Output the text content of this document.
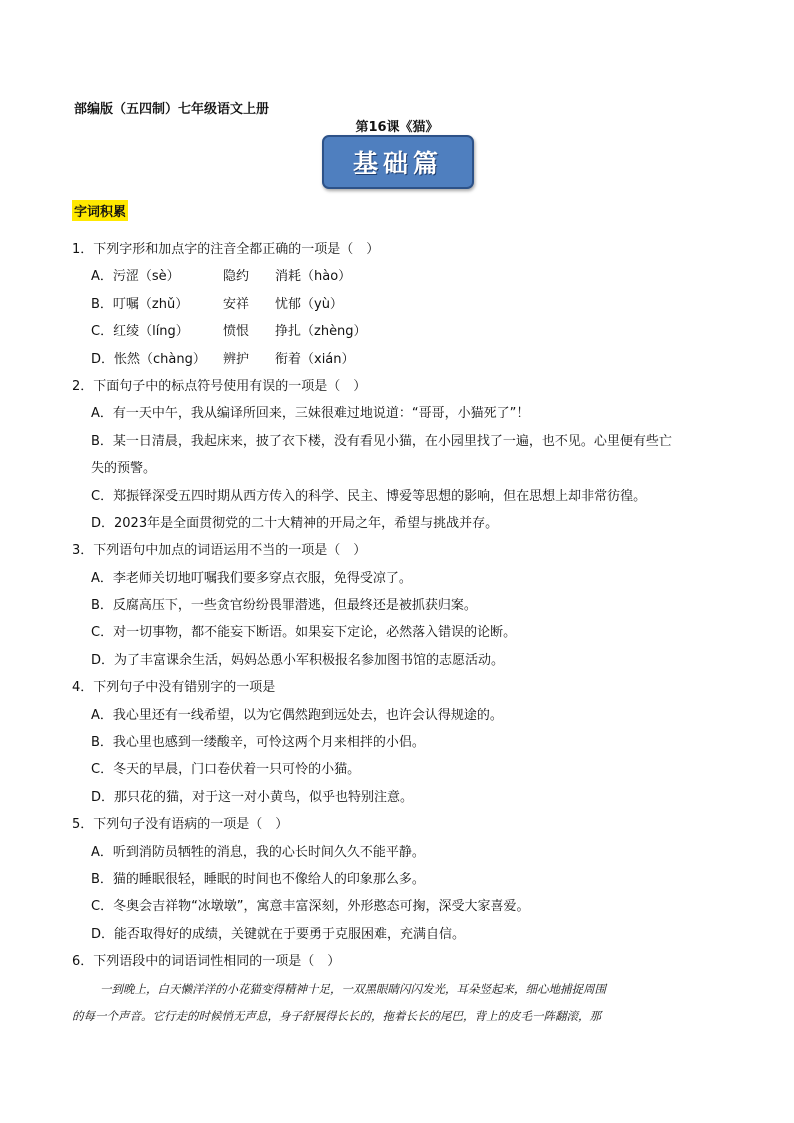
部编版（五四制）七年级语文上册
第16课《猫》
基础篇
字词积累
1．下列字形和加点字的注音全都正确的一项是（　）
A．污涩（sè）	隐约 消耗（hào）
B．叮嘱（zhǔ）	安祥 忧郁（yù）
C．红绫（líng）	愤恨 挣扎（zhèng）
D．怅然（chàng） 辨护 衔着（xián）
2．下面句子中的标点符号使用有误的一项是（　）
A．有一天中午，我从编译所回来，三妹很难过地说道：“哥哥，小猫死了”！
B．某一日清晨，我起床来，披了衣下楼，没有看见小猫，在小园里找了一遍，也不见。心里便有些亡
失的预警。
C．郑振铎深受五四时期从西方传入的科学、民主、博爱等思想的影响，但在思想上却非常彷徨。
D．2023年是全面贯彻党的二十大精神的开局之年，希望与挑战并存。
3．下列语句中加点的词语运用不当的一项是（　）
A．李老师关切地叮嘱我们要多穿点衣服，免得受凉了。
B．反腐高压下，一些贪官纷纷畏罪潜逃，但最终还是被抓获归案。
C．对一切事物，都不能妄下断语。如果妄下定论，必然落入错误的论断。
D．为了丰富课余生活，妈妈怂恿小军积极报名参加图书馆的志愿活动。
4．下列句子中没有错别字的一项是
A．我心里还有一线希望，以为它偶然跑到远处去，也许会认得规途的。
B．我心里也感到一缕酸辛，可怜这两个月来相拌的小侣。
C．冬天的早晨，门口卷伏着一只可怜的小猫。
D．那只花的猫，对于这一对小黄鸟，似乎也特别注意。
5．下列句子没有语病的一项是（　）
A．听到消防员牺牲的消息，我的心长时间久久不能平静。
B．猫的睡眠很轻，睡眠的时间也不像给人的印象那么多。
C．冬奥会吉祥物“冰墩墩”，寓意丰富深刻，外形憨态可掬，深受大家喜爱。
D．能否取得好的成绩，关键就在于要勇于克服困难，充满自信。
6．下列语段中的词语词性相同的一项是（　）
一到晚上，白天懒洋洋的小花猫变得精神十足，一双黑眼睛闪闪发光，耳朵竖起来，细心地捕捉周围
的每一个声音。它行走的时候悄无声息，身子舒展得长长的，拖着长长的尾巴，背上的皮毛一阵翻滚，那
